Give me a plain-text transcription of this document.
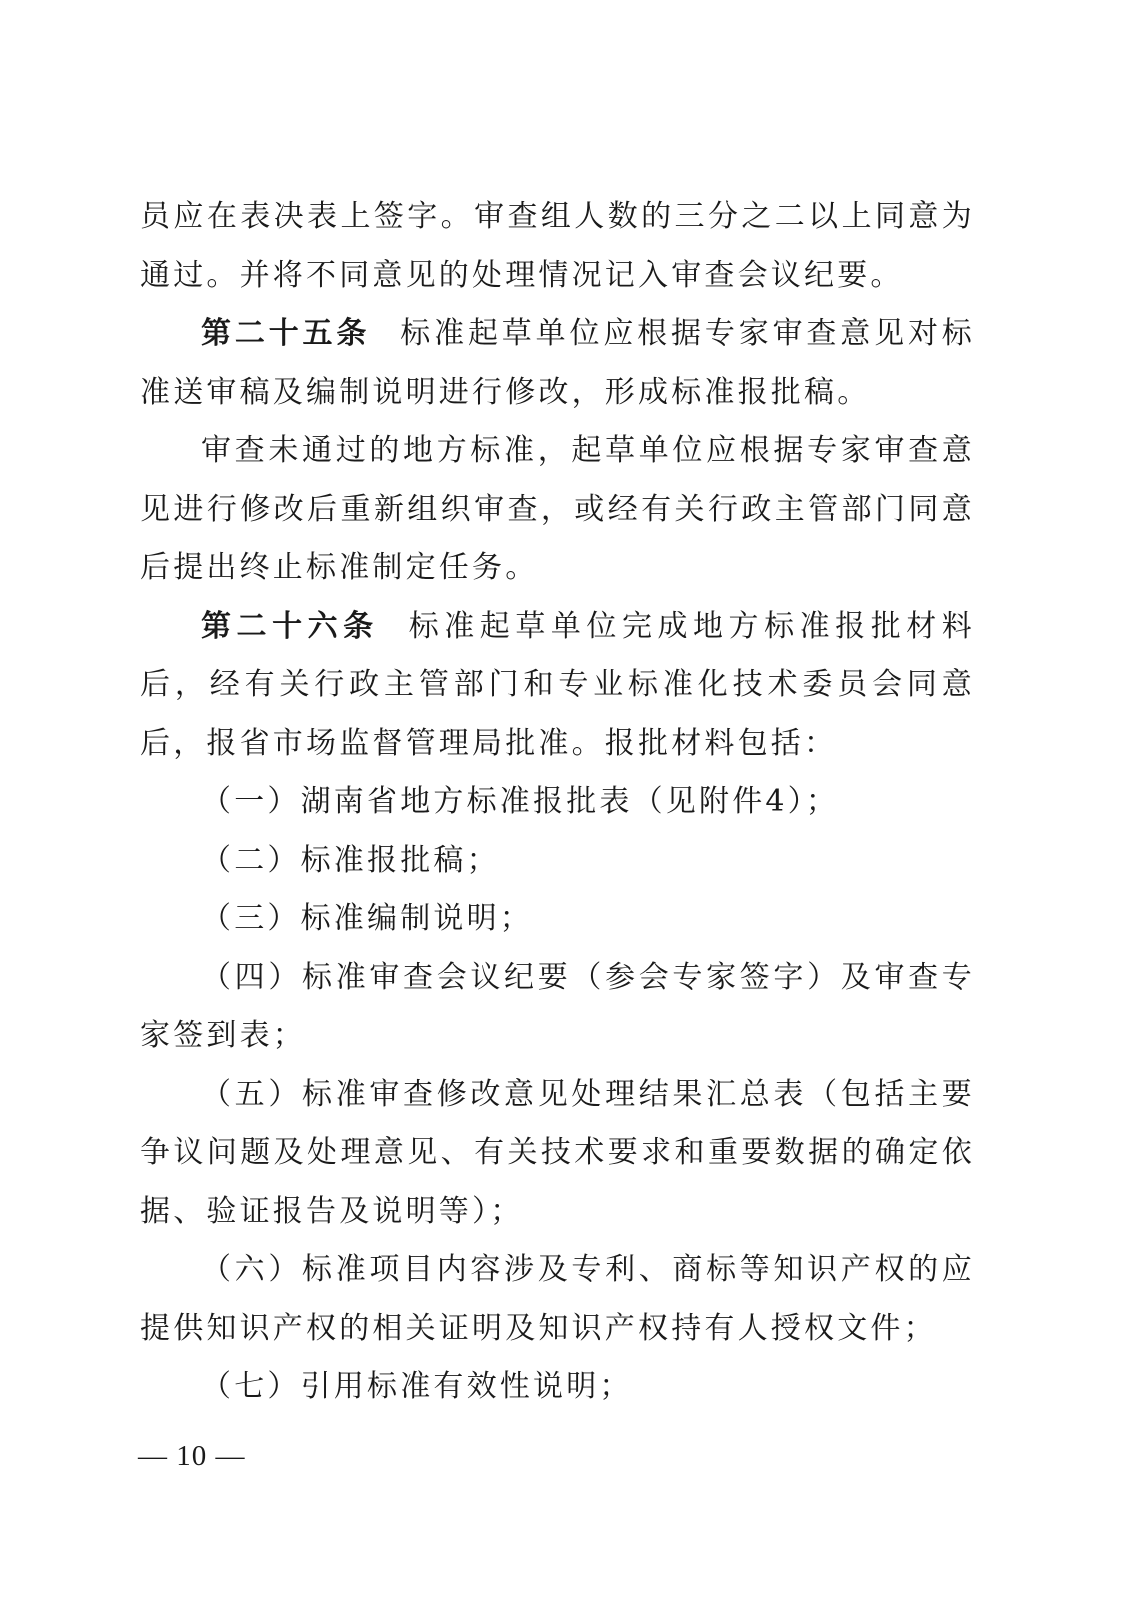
员应在表决表上签字。审查组人数的三分之二以上同意为通过。并将不同意见的处理情况记入审查会议纪要。

第二十五条 标准起草单位应根据专家审查意见对标准送审稿及编制说明进行修改，形成标准报批稿。

审查未通过的地方标准，起草单位应根据专家审查意见进行修改后重新组织审查，或经有关行政主管部门同意后提出终止标准制定任务。

第二十六条 标准起草单位完成地方标准报批材料后，经有关行政主管部门和专业标准化技术委员会同意后，报省市场监督管理局批准。报批材料包括：

（一）湖南省地方标准报批表（见附件4）；

（二）标准报批稿；

（三）标准编制说明；

（四）标准审查会议纪要（参会专家签字）及审查专家签到表；

（五）标准审查修改意见处理结果汇总表（包括主要争议问题及处理意见、有关技术要求和重要数据的确定依据、验证报告及说明等）；

（六）标准项目内容涉及专利、商标等知识产权的应提供知识产权的相关证明及知识产权持有人授权文件；

（七）引用标准有效性说明；

— 10 —
